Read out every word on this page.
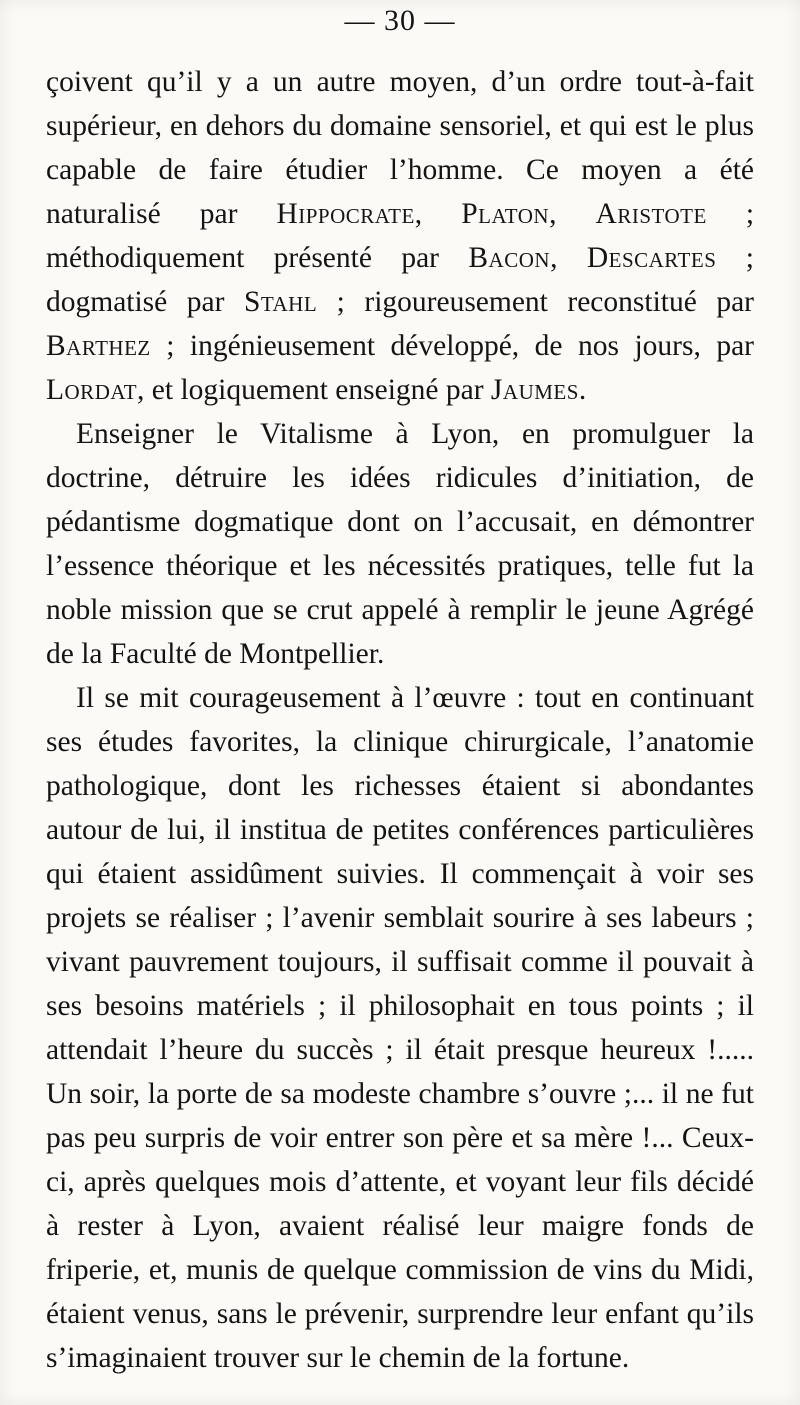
— 30 —

çoivent qu’il y a un autre moyen, d’un ordre tout-à-fait supérieur, en dehors du domaine sensoriel, et qui est le plus capable de faire étudier l’homme. Ce moyen a été naturalisé par Hippocrate, Platon, Aristote ; méthodiquement présenté par Bacon, Descartes ; dogmatisé par Stahl ; rigoureusement reconstitué par Barthez ; ingénieusement développé, de nos jours, par Lordat, et logiquement enseigné par Jaumes.

Enseigner le Vitalisme à Lyon, en promulguer la doctrine, détruire les idées ridicules d’initiation, de pédantisme dogmatique dont on l’accusait, en démontrer l’essence théorique et les nécessités pratiques, telle fut la noble mission que se crut appelé à remplir le jeune Agrégé de la Faculté de Montpellier.

Il se mit courageusement à l’œuvre : tout en continuant ses études favorites, la clinique chirurgicale, l’anatomie pathologique, dont les richesses étaient si abondantes autour de lui, il institua de petites conférences particulières qui étaient assidûment suivies. Il commençait à voir ses projets se réaliser ; l’avenir semblait sourire à ses labeurs ; vivant pauvrement toujours, il suffisait comme il pouvait à ses besoins matériels ; il philosophait en tous points ; il attendait l’heure du succès ; il était presque heureux !..... Un soir, la porte de sa modeste chambre s’ouvre ;... il ne fut pas peu surpris de voir entrer son père et sa mère !... Ceux-ci, après quelques mois d’attente, et voyant leur fils décidé à rester à Lyon, avaient réalisé leur maigre fonds de friperie, et, munis de quelque commission de vins du Midi, étaient venus, sans le prévenir, surprendre leur enfant qu’ils s’imaginaient trouver sur le chemin de la fortune.
